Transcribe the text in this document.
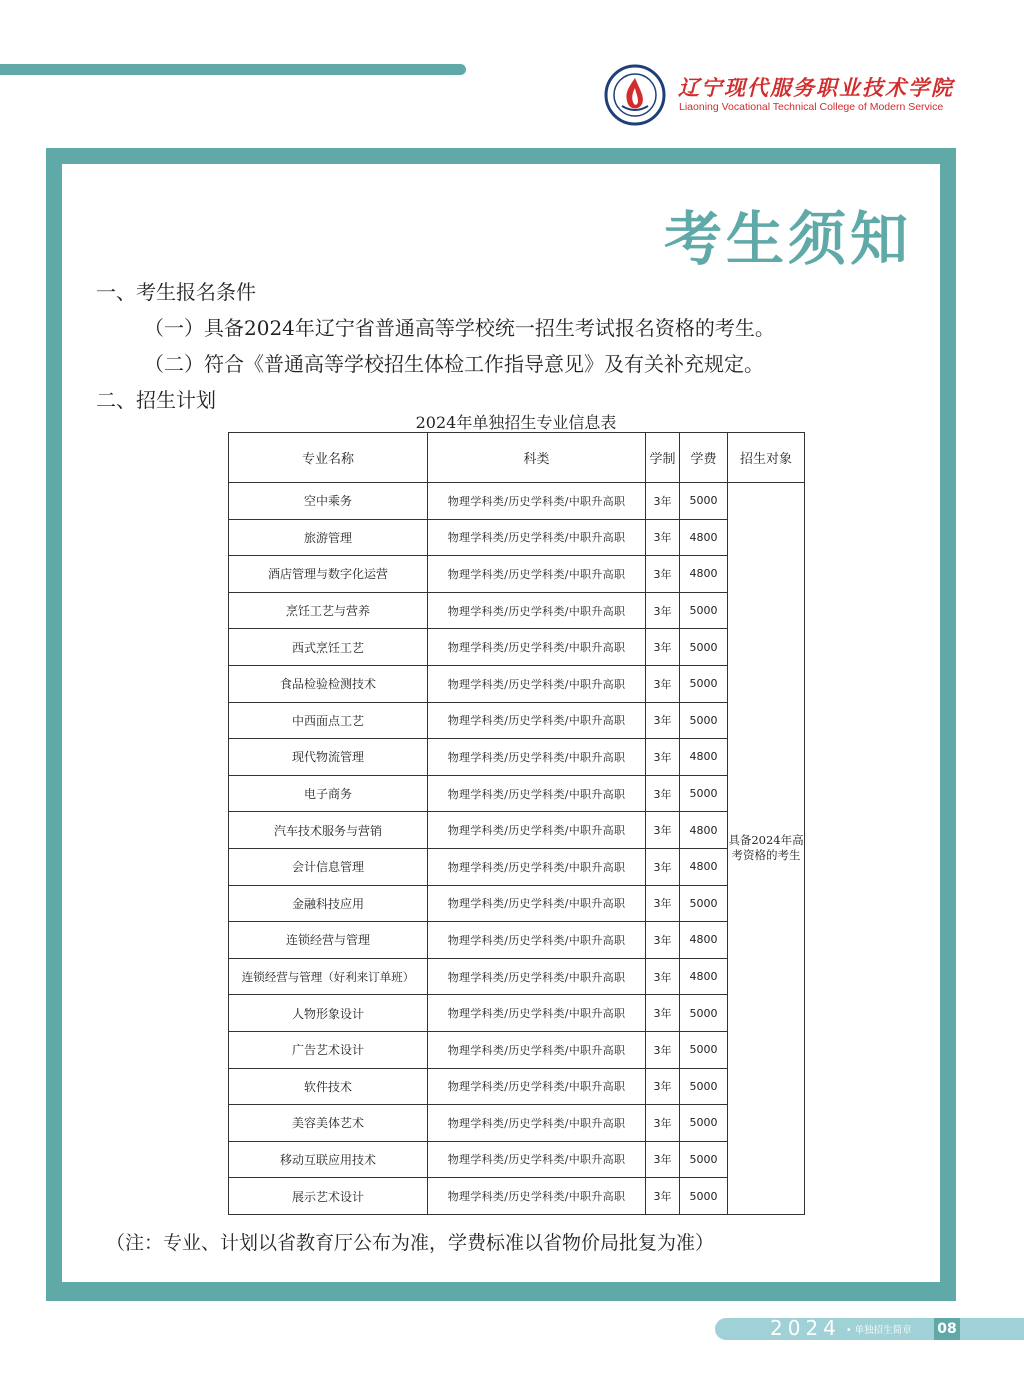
辽宁现代服务职业技术学院
Liaoning Vocational Technical College of Modern Service
考生须知
一、考生报名条件
（一）具备2024年辽宁省普通高等学校统一招生考试报名资格的考生。
（二）符合《普通高等学校招生体检工作指导意见》及有关补充规定。
二、招生计划
2024年单独招生专业信息表
专业名称	科类	学制	学费	招生对象
空中乘务	物理学科类/历史学科类/中职升高职	3年	5000	具备2024年高考资格的考生
旅游管理	物理学科类/历史学科类/中职升高职	3年	4800	
酒店管理与数字化运营	物理学科类/历史学科类/中职升高职	3年	4800	
烹饪工艺与营养	物理学科类/历史学科类/中职升高职	3年	5000	
西式烹饪工艺	物理学科类/历史学科类/中职升高职	3年	5000	
食品检验检测技术	物理学科类/历史学科类/中职升高职	3年	5000	
中西面点工艺	物理学科类/历史学科类/中职升高职	3年	5000	
现代物流管理	物理学科类/历史学科类/中职升高职	3年	4800	
电子商务	物理学科类/历史学科类/中职升高职	3年	5000	
汽车技术服务与营销	物理学科类/历史学科类/中职升高职	3年	4800	
会计信息管理	物理学科类/历史学科类/中职升高职	3年	4800	
金融科技应用	物理学科类/历史学科类/中职升高职	3年	5000	
连锁经营与管理	物理学科类/历史学科类/中职升高职	3年	4800	
连锁经营与管理（好利来订单班）	物理学科类/历史学科类/中职升高职	3年	4800	
人物形象设计	物理学科类/历史学科类/中职升高职	3年	5000	
广告艺术设计	物理学科类/历史学科类/中职升高职	3年	5000	
软件技术	物理学科类/历史学科类/中职升高职	3年	5000	
美容美体艺术	物理学科类/历史学科类/中职升高职	3年	5000	
移动互联应用技术	物理学科类/历史学科类/中职升高职	3年	5000	
展示艺术设计	物理学科类/历史学科类/中职升高职	3年	5000	
（注：专业、计划以省教育厅公布为准，学费标准以省物价局批复为准）
2024 • 单独招生简章 08
